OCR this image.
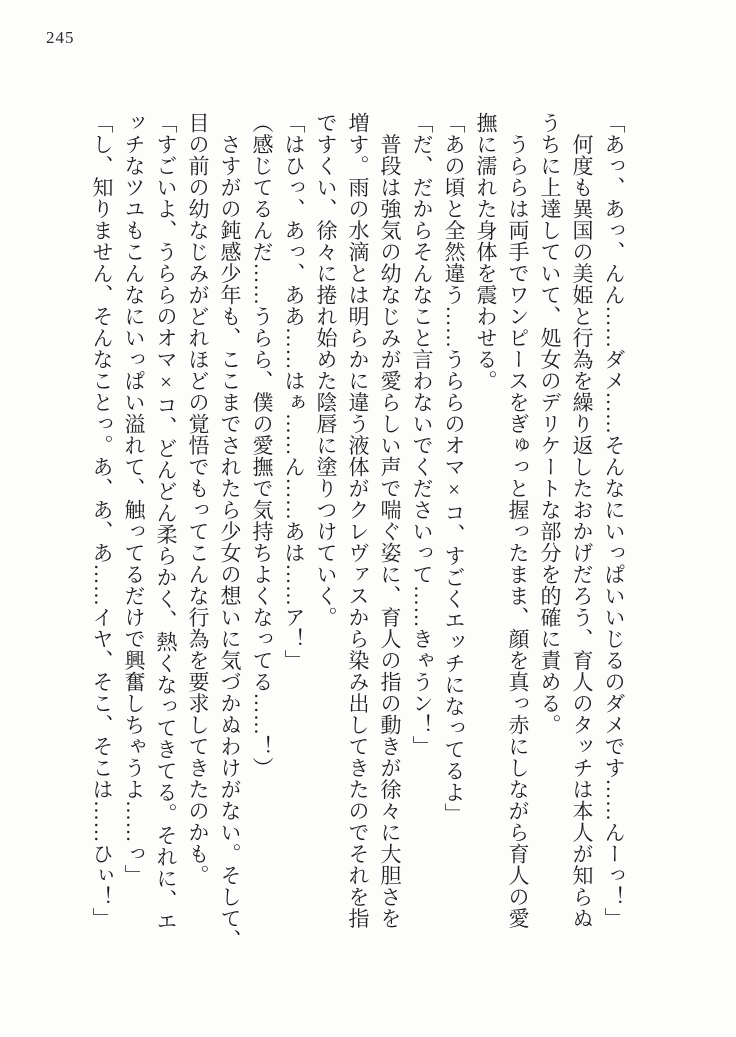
245
「あっ、あっ、んん……ダメ……そんなにいっぱいいじるのダメです……んーっ！」
　何度も異国の美姫と行為を繰り返したおかげだろう、育人のタッチは本人が知らぬ
うちに上達していて、処女のデリケートな部分を的確に責める。
　うららは両手でワンピースをぎゅっと握ったまま、顔を真っ赤にしながら育人の愛
撫に濡れた身体を震わせる。
「あの頃と全然違う……うららのオマ×コ、すごくエッチになってるよ」
「だ、だからそんなこと言わないでくださいって……きゃうン！」
　普段は強気の幼なじみが愛らしい声で喘ぐ姿に、育人の指の動きが徐々に大胆さを
増す。雨の水滴とは明らかに違う液体がクレヴァスから染み出してきたのでそれを指
ですくい、徐々に捲れ始めた陰唇に塗りつけていく。
「はひっ、あっ、ああ……はぁ……ん……あは……ア！」
（感じてるんだ……うらら、僕の愛撫で気持ちよくなってる……！）
　さすがの鈍感少年も、ここまでされたら少女の想いに気づかぬわけがない。そして、
目の前の幼なじみがどれほどの覚悟でもってこんな行為を要求してきたのかも。
「すごいよ、うららのオマ×コ、どんどん柔らかく、熱くなってきてる。それに、エ
ッチなツユもこんなにいっぱい溢れて、触ってるだけで興奮しちゃうよ……っ」
「し、知りません、そんなことっ。あ、あ、あ……イヤ、そこ、そこは……ひぃ！」
